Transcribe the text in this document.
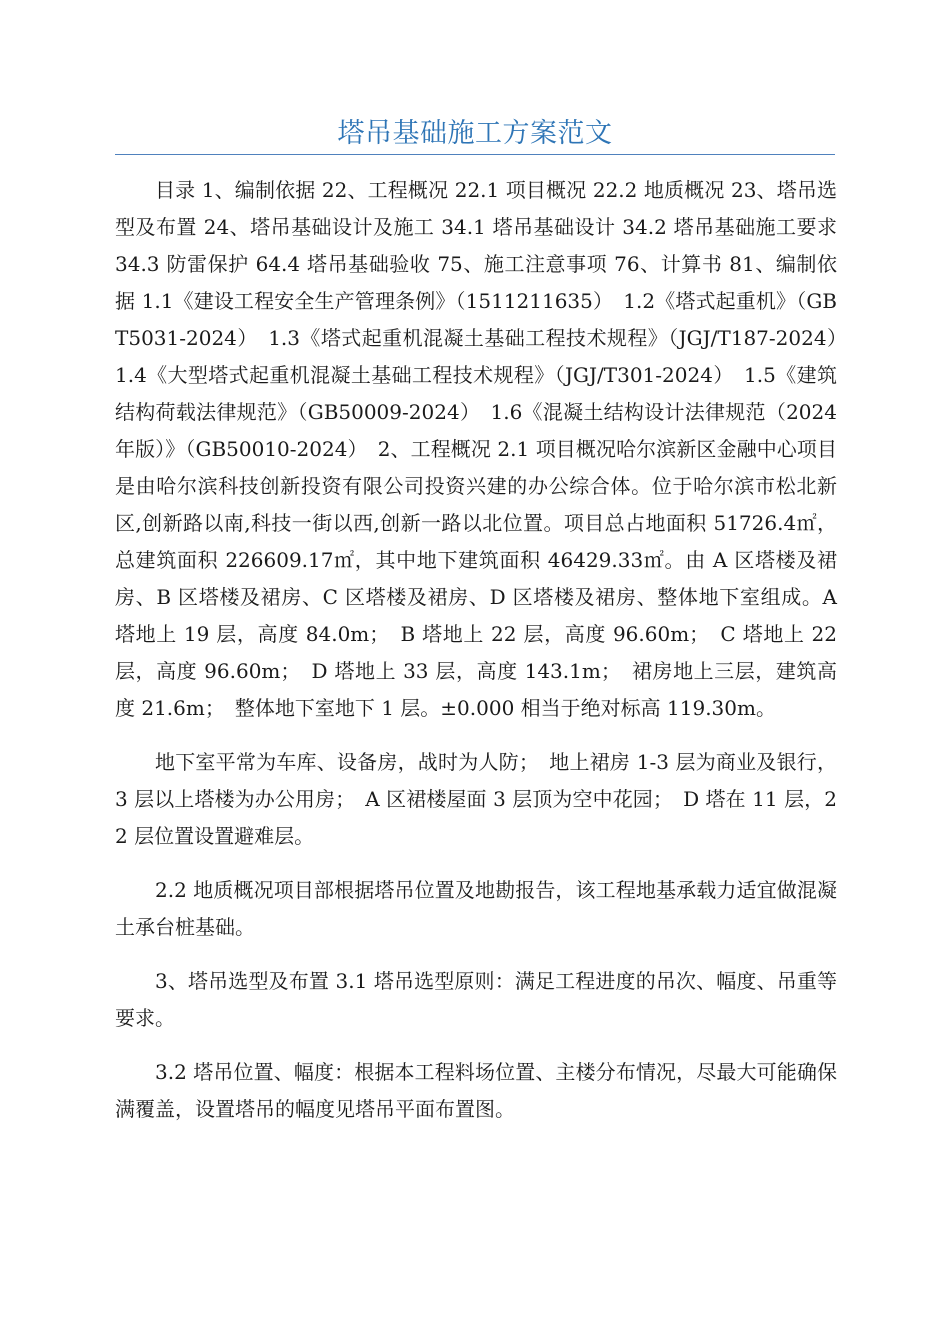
塔吊基础施工方案范文

目录 1、编制依据 22、工程概况 22.1 项目概况 22.2 地质概况 23、塔吊选型及布置 24、塔吊基础设计及施工 34.1 塔吊基础设计 34.2 塔吊基础施工要求 34.3 防雷保护 64.4 塔吊基础验收 75、施工注意事项 76、计算书 81、编制依据 1.1《建设工程安全生产管理条例》（1511211635）　1.2《塔式起重机》（GBT5031-2024）　1.3《塔式起重机混凝土基础工程技术规程》（JGJ/T187-2024）　1.4《大型塔式起重机混凝土基础工程技术规程》（JGJ/T301-2024）　1.5《建筑结构荷载法律规范》（GB50009-2024）　1.6《混凝土结构设计法律规范（2024 年版）》（GB50010-2024）　2、工程概况 2.1 项目概况哈尔滨新区金融中心项目是由哈尔滨科技创新投资有限公司投资兴建的办公综合体。位于哈尔滨市松北新区,创新路以南,科技一街以西,创新一路以北位置。项目总占地面积 51726.4㎡，总建筑面积 226609.17㎡，其中地下建筑面积 46429.33㎡。由 A 区塔楼及裙房、B 区塔楼及裙房、C 区塔楼及裙房、D 区塔楼及裙房、整体地下室组成。A 塔地上 19 层，高度 84.0m；　B 塔地上 22 层，高度 96.60m；　C 塔地上 22 层，高度 96.60m；　D 塔地上 33 层，高度 143.1m；　裙房地上三层，建筑高度 21.6m；　整体地下室地下 1 层。±0.000 相当于绝对标高 119.30m。

地下室平常为车库、设备房，战时为人防；　地上裙房 1-3 层为商业及银行，3 层以上塔楼为办公用房；　A 区裙楼屋面 3 层顶为空中花园；　D 塔在 11 层，22 层位置设置避难层。

2.2 地质概况项目部根据塔吊位置及地勘报告，该工程地基承载力适宜做混凝土承台桩基础。

3、塔吊选型及布置 3.1 塔吊选型原则：满足工程进度的吊次、幅度、吊重等要求。

3.2 塔吊位置、幅度：根据本工程料场位置、主楼分布情况，尽最大可能确保满覆盖，设置塔吊的幅度见塔吊平面布置图。
